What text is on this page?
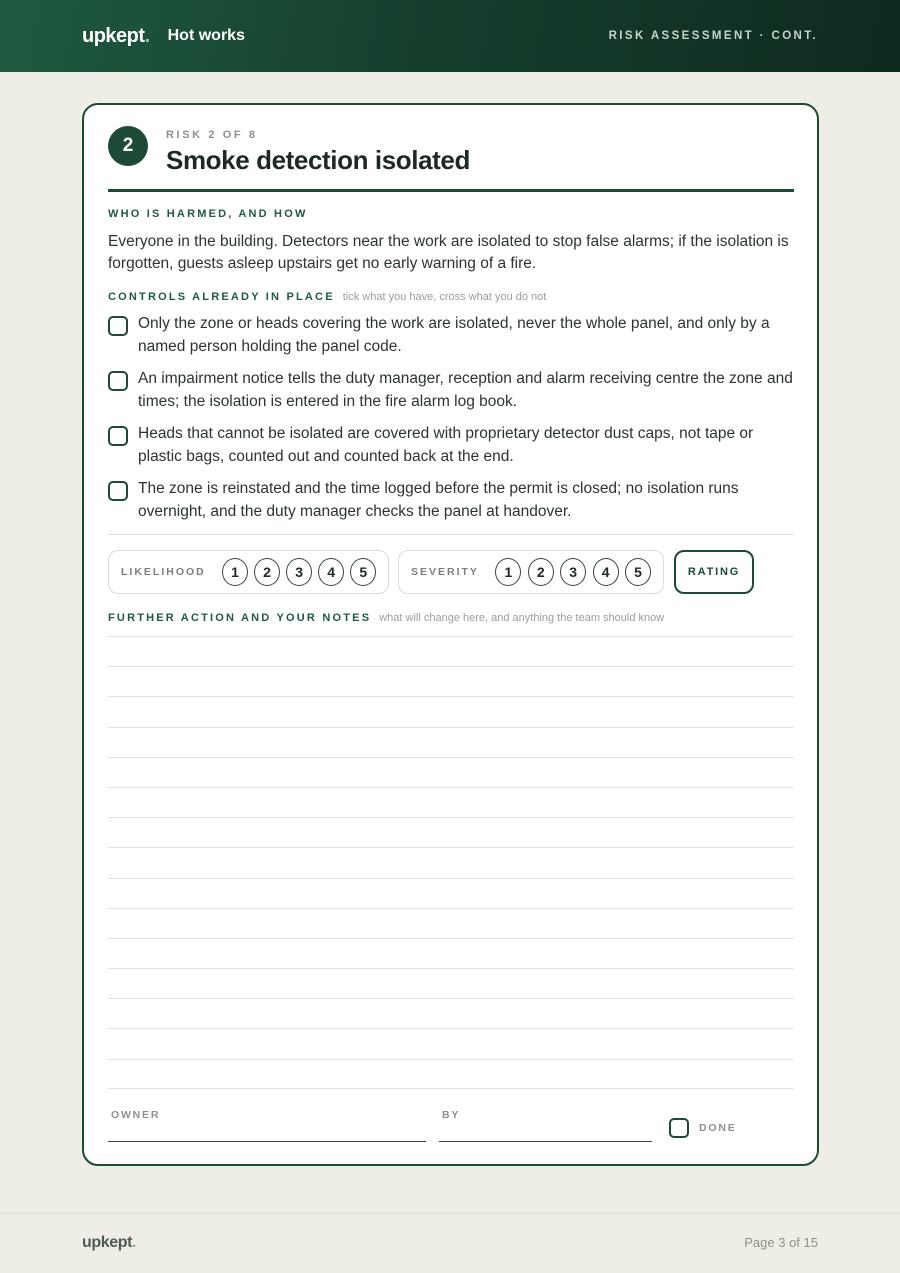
upkept. Hot works	RISK ASSESSMENT · CONT.
2	RISK 2 OF 8
Smoke detection isolated
WHO IS HARMED, AND HOW
Everyone in the building. Detectors near the work are isolated to stop false alarms; if the isolation is forgotten, guests asleep upstairs get no early warning of a fire.
CONTROLS ALREADY IN PLACE tick what you have, cross what you do not
Only the zone or heads covering the work are isolated, never the whole panel, and only by a named person holding the panel code.
An impairment notice tells the duty manager, reception and alarm receiving centre the zone and times; the isolation is entered in the fire alarm log book.
Heads that cannot be isolated are covered with proprietary detector dust caps, not tape or plastic bags, counted out and counted back at the end.
The zone is reinstated and the time logged before the permit is closed; no isolation runs overnight, and the duty manager checks the panel at handover.
LIKELIHOOD	1	2	3	4	5	SEVERITY	1	2	3	4	5	RATING
FURTHER ACTION AND YOUR NOTES what will change here, and anything the team should know
OWNER	BY
DONE
upkept.	Page 3 of 15
